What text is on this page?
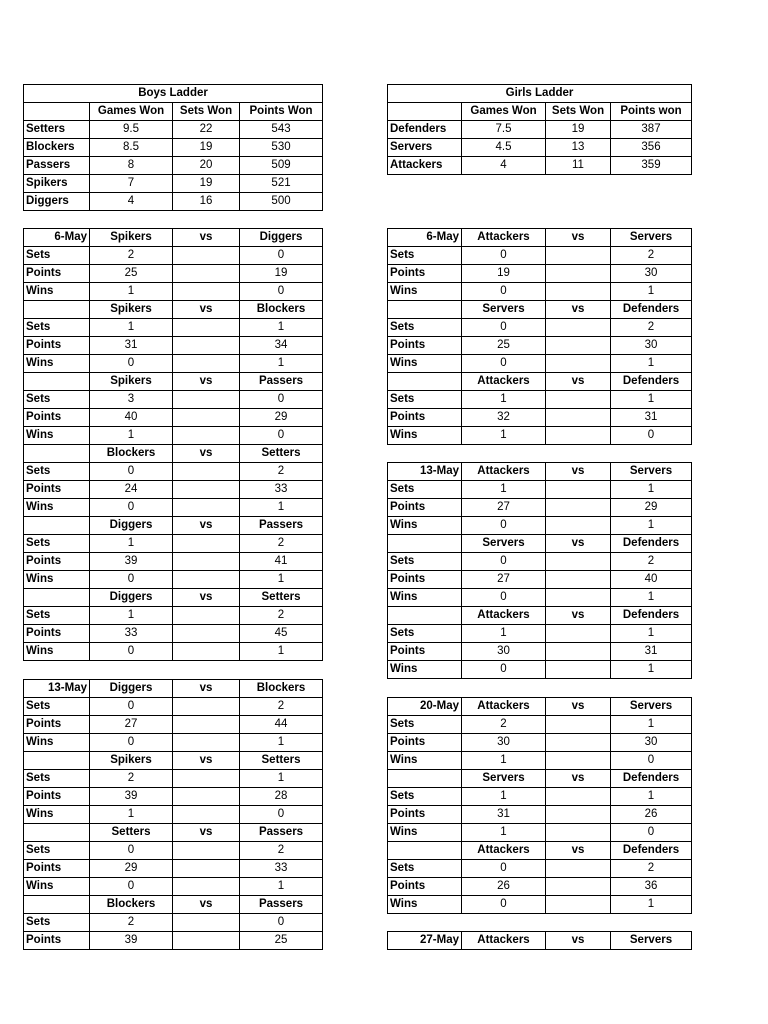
Boys Ladder			
	Games Won	Sets Won	Points Won
Setters	9.5	22	543
Blockers	8.5	19	530
Passers	8	20	509
Spikers	7	19	521
Diggers	4	16	500
Girls Ladder			
	Games Won	Sets Won	Points won
Defenders	7.5	19	387
Servers	4.5	13	356
Attackers	4	11	359
6-May	Spikers	vs	Diggers
Sets	2		0
Points	25		19
Wins	1		0
	Spikers	vs	Blockers
Sets	1		1
Points	31		34
Wins	0		1
	Spikers	vs	Passers
Sets	3		0
Points	40		29
Wins	1		0
	Blockers	vs	Setters
Sets	0		2
Points	24		33
Wins	0		1
	Diggers	vs	Passers
Sets	1		2
Points	39		41
Wins	0		1
	Diggers	vs	Setters
Sets	1		2
Points	33		45
Wins	0		1
13-May	Diggers	vs	Blockers
Sets	0		2
Points	27		44
Wins	0		1
	Spikers	vs	Setters
Sets	2		1
Points	39		28
Wins	1		0
	Setters	vs	Passers
Sets	0		2
Points	29		33
Wins	0		1
	Blockers	vs	Passers
Sets	2		0
Points	39		25
6-May	Attackers	vs	Servers
Sets	0		2
Points	19		30
Wins	0		1
	Servers	vs	Defenders
Sets	0		2
Points	25		30
Wins	0		1
	Attackers	vs	Defenders
Sets	1		1
Points	32		31
Wins	1		0
13-May	Attackers	vs	Servers
Sets	1		1
Points	27		29
Wins	0		1
	Servers	vs	Defenders
Sets	0		2
Points	27		40
Wins	0		1
	Attackers	vs	Defenders
Sets	1		1
Points	30		31
Wins	0		1
20-May	Attackers	vs	Servers
Sets	2		1
Points	30		30
Wins	1		0
	Servers	vs	Defenders
Sets	1		1
Points	31		26
Wins	1		0
	Attackers	vs	Defenders
Sets	0		2
Points	26		36
Wins	0		1
27-May	Attackers	vs	Servers
